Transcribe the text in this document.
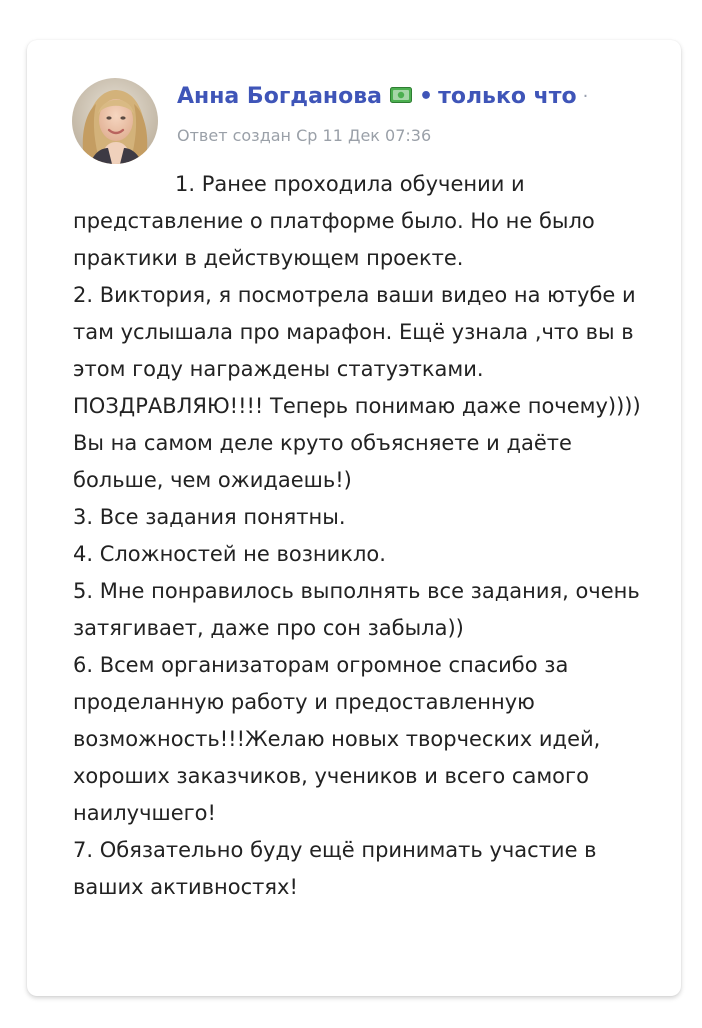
Анна Богданова • только что ·
Ответ создан Ср 11 Дек 07:36

1. Ранее проходила обучении и представление о платформе было. Но не было практики в действующем проекте.

2. Виктория, я посмотрела ваши видео на ютубе и там услышала про марафон. Ещё узнала ,что вы в этом году награждены статуэтками. ПОЗДРАВЛЯЮ!!!! Теперь понимаю даже почему)))) Вы на самом деле круто объясняете и даёте больше, чем ожидаешь!)

3. Все задания понятны.

4. Сложностей не возникло.

5. Мне понравилось выполнять все задания, очень затягивает, даже про сон забыла))

6. Всем организаторам огромное спасибо за проделанную работу и предоставленную возможность!!!Желаю новых творческих идей, хороших заказчиков, учеников и всего самого наилучшего!

7. Обязательно буду ещё принимать участие в ваших активностях!
